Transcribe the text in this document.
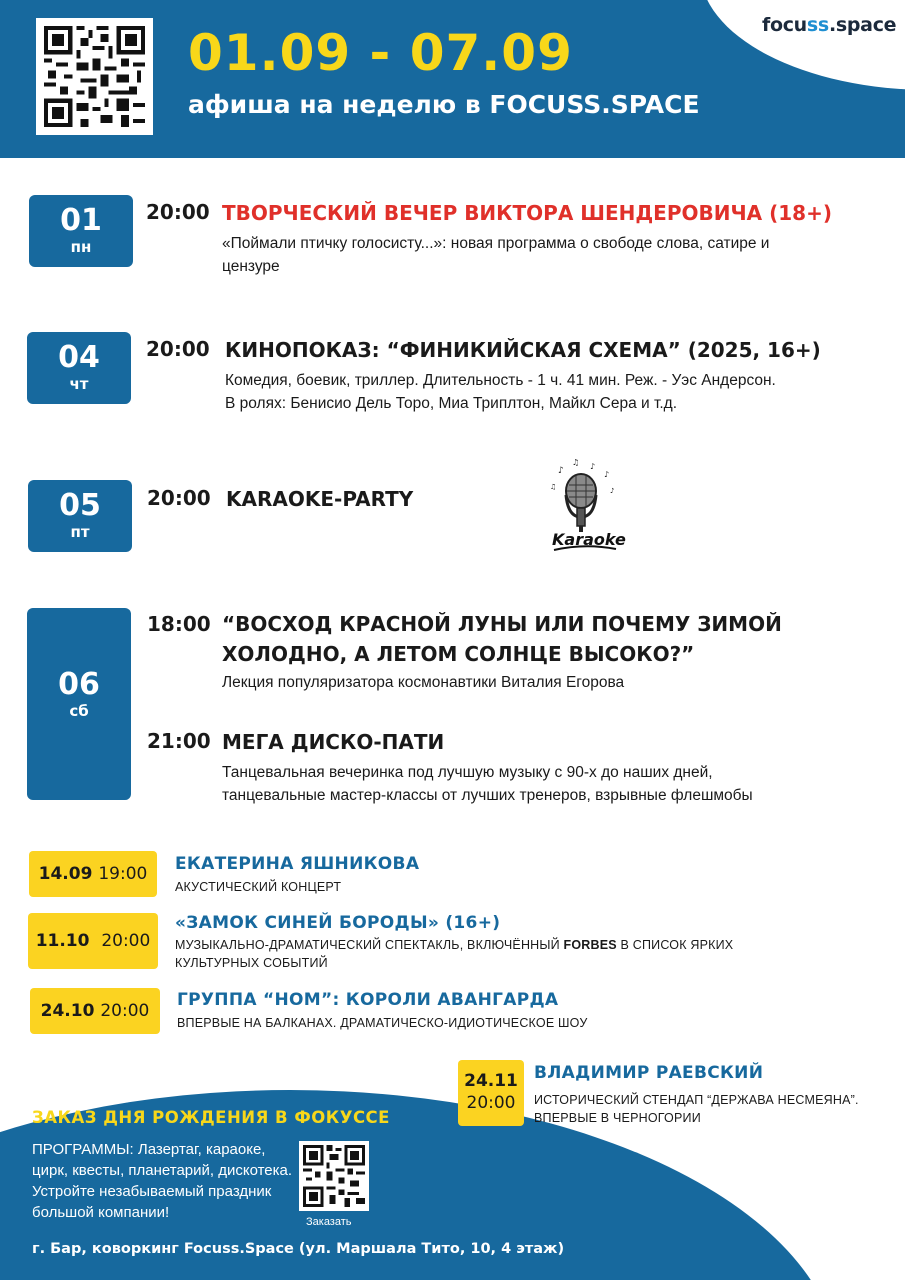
focuss.space
01.09 - 07.09
афиша на неделю в FOCUSS.SPACE
01
пн
20:00 ТВОРЧЕСКИЙ ВЕЧЕР ВИКТОРА ШЕНДЕРОВИЧА (18+)
«Поймали птичку голосисту...»: новая программа о свободе слова, сатире и
цензуре
04
чт
20:00 КИНОПОКАЗ: “ФИНИКИЙСКАЯ СХЕМА” (2025, 16+)
Комедия, боевик, триллер. Длительность - 1 ч. 41 мин. Реж. - Уэс Андерсон.
В ролях: Бенисио Дель Торо, Миа Триплтон, Майкл Сера и т.д.
05
пт
20:00 KARAOKE-PARTY
♪
♫ ♪
♪
♫	♪
Karaoke
06
сб
18:00 “ВОСХОД КРАСНОЙ ЛУНЫ ИЛИ ПОЧЕМУ ЗИМОЙ
ХОЛОДНО, А ЛЕТОМ СОЛНЦЕ ВЫСОКО?”
Лекция популяризатора космонавтики Виталия Егорова
21:00 МЕГА ДИСКО-ПАТИ
Танцевальная вечеринка под лучшую музыку с 90-х до наших дней,
танцевальные мастер-классы от лучших тренеров, взрывные флешмобы
14.09 19:00	ЕКАТЕРИНА ЯШНИКОВА
АКУСТИЧЕСКИЙ КОНЦЕРТ
11.10 20:00
«ЗАМОК СИНЕЙ БОРОДЫ» (16+)
МУЗЫКАЛЬНО-ДРАМАТИЧЕСКИЙ СПЕКТАКЛЬ, ВКЛЮЧЁННЫЙ FORBES В СПИСОК ЯРКИХ
КУЛЬТУРНЫХ СОБЫТИЙ
24.10 20:00
ГРУППА “НОМ”: КОРОЛИ АВАНГАРДА
ВПЕРВЫЕ НА БАЛКАНАХ. ДРАМАТИЧЕСКО-ИДИОТИЧЕСКОЕ ШОУ
24.11
20:00
ВЛАДИМИР РАЕВСКИЙ
ИСТОРИЧЕСКИЙ СТЕНДАП “ДЕРЖАВА НЕСМЕЯНА”.
ВПЕРВЫЕ В ЧЕРНОГОРИИ
ЗАКАЗ ДНЯ РОЖДЕНИЯ В ФОКУССЕ
ПРОГРАММЫ: Лазертаг, караоке, цирк, квесты, планетарий, дискотека. Устройте незабываемый праздник большой компании!
Заказать
г. Бар, коворкинг Focuss.Space (ул. Маршала Тито, 10, 4 этаж)
